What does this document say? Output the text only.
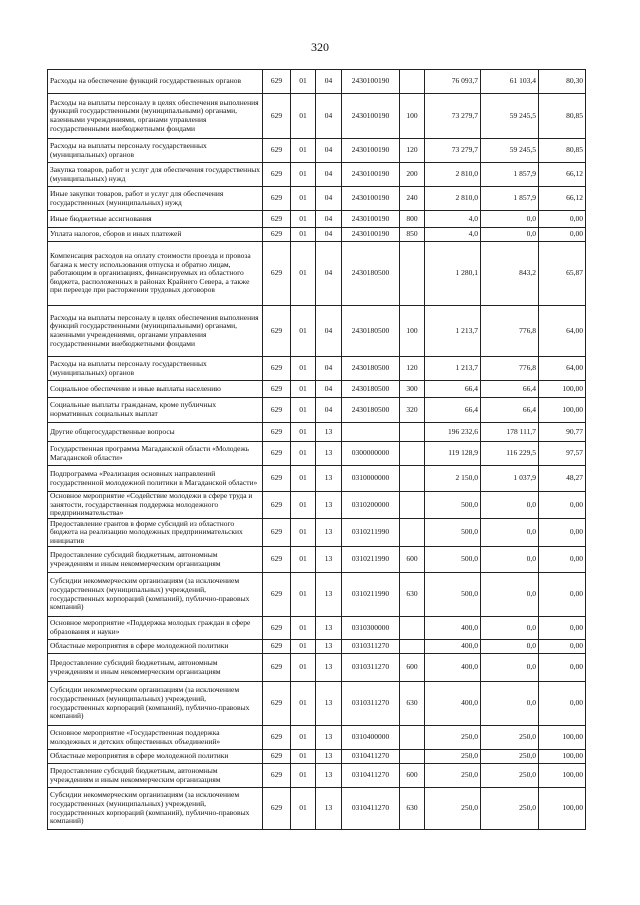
320
Расходы на обеспечение функций государственных органов	629	01	04	2430100190		76 093,7	61 103,4	80,30
Расходы на выплаты персоналу в целях обеспечения выполнения функций государственными (муниципальными) органами, казенными учреждениями, органами управления государственными внебюджетными фондами	629	01	04	2430100190	100	73 279,7	59 245,5	80,85
Расходы на выплаты персоналу государственных (муниципальных) органов	629	01	04	2430100190	120	73 279,7	59 245,5	80,85
Закупка товаров, работ и услуг для обеспечения государственных (муниципальных) нужд	629	01	04	2430100190	200	2 810,0	1 857,9	66,12
Иные закупки товаров, работ и услуг для обеспечения государственных (муниципальных) нужд	629	01	04	2430100190	240	2 810,0	1 857,9	66,12
Иные бюджетные ассигнования	629	01	04	2430100190	800	4,0	0,0	0,00
Уплата налогов, сборов и иных платежей	629	01	04	2430100190	850	4,0	0,0	0,00
Компенсация расходов на оплату стоимости проезда и провоза багажа к месту использования отпуска и обратно лицам, работающим в организациях, финансируемых из областного бюджета, расположенных в районах Крайнего Севера, а также при переезде при расторжении трудовых договоров	629	01	04	2430180500		1 280,1	843,2	65,87
Расходы на выплаты персоналу в целях обеспечения выполнения функций государственными (муниципальными) органами, казенными учреждениями, органами управления государственными внебюджетными фондами	629	01	04	2430180500	100	1 213,7	776,8	64,00
Расходы на выплаты персоналу государственных (муниципальных) органов	629	01	04	2430180500	120	1 213,7	776,8	64,00
Социальное обеспечение и иные выплаты населению	629	01	04	2430180500	300	66,4	66,4	100,00
Социальные выплаты гражданам, кроме публичных нормативных социальных выплат	629	01	04	2430180500	320	66,4	66,4	100,00
Другие общегосударственные вопросы	629	01	13			196 232,6	178 111,7	90,77
Государственная программа Магаданской области «Молодежь Магаданской области»	629	01	13	0300000000		119 128,9	116 229,5	97,57
Подпрограмма «Реализация основных направлений государственной молодежной политики в Магаданской области»	629	01	13	0310000000		2 150,0	1 037,9	48,27
Основное мероприятие «Содействие молодежи в сфере труда и занятости, государственная поддержка молодежного предпринимательства»	629	01	13	0310200000		500,0	0,0	0,00
Предоставление грантов в форме субсидий из областного бюджета на реализацию молодежных предпринимательских инициатив	629	01	13	0310211990		500,0	0,0	0,00
Предоставление субсидий бюджетным, автономным учреждениям и иным некоммерческим организациям	629	01	13	0310211990	600	500,0	0,0	0,00
Субсидии некоммерческим организациям (за исключением государственных (муниципальных) учреждений, государственных корпораций (компаний), публично-правовых компаний)	629	01	13	0310211990	630	500,0	0,0	0,00
Основное мероприятие «Поддержка молодых граждан в сфере образования и науки»	629	01	13	0310300000		400,0	0,0	0,00
Областные мероприятия в сфере молодежной политики	629	01	13	0310311270		400,0	0,0	0,00
Предоставление субсидий бюджетным, автономным учреждениям и иным некоммерческим организациям	629	01	13	0310311270	600	400,0	0,0	0,00
Субсидии некоммерческим организациям (за исключением государственных (муниципальных) учреждений, государственных корпораций (компаний), публично-правовых компаний)	629	01	13	0310311270	630	400,0	0,0	0,00
Основное мероприятие «Государственная поддержка молодежных и детских общественных объединений»	629	01	13	0310400000		250,0	250,0	100,00
Областные мероприятия в сфере молодежной политики	629	01	13	0310411270		250,0	250,0	100,00
Предоставление субсидий бюджетным, автономным учреждениям и иным некоммерческим организациям	629	01	13	0310411270	600	250,0	250,0	100,00
Субсидии некоммерческим организациям (за исключением государственных (муниципальных) учреждений, государственных корпораций (компаний), публично-правовых компаний)	629	01	13	0310411270	630	250,0	250,0	100,00
